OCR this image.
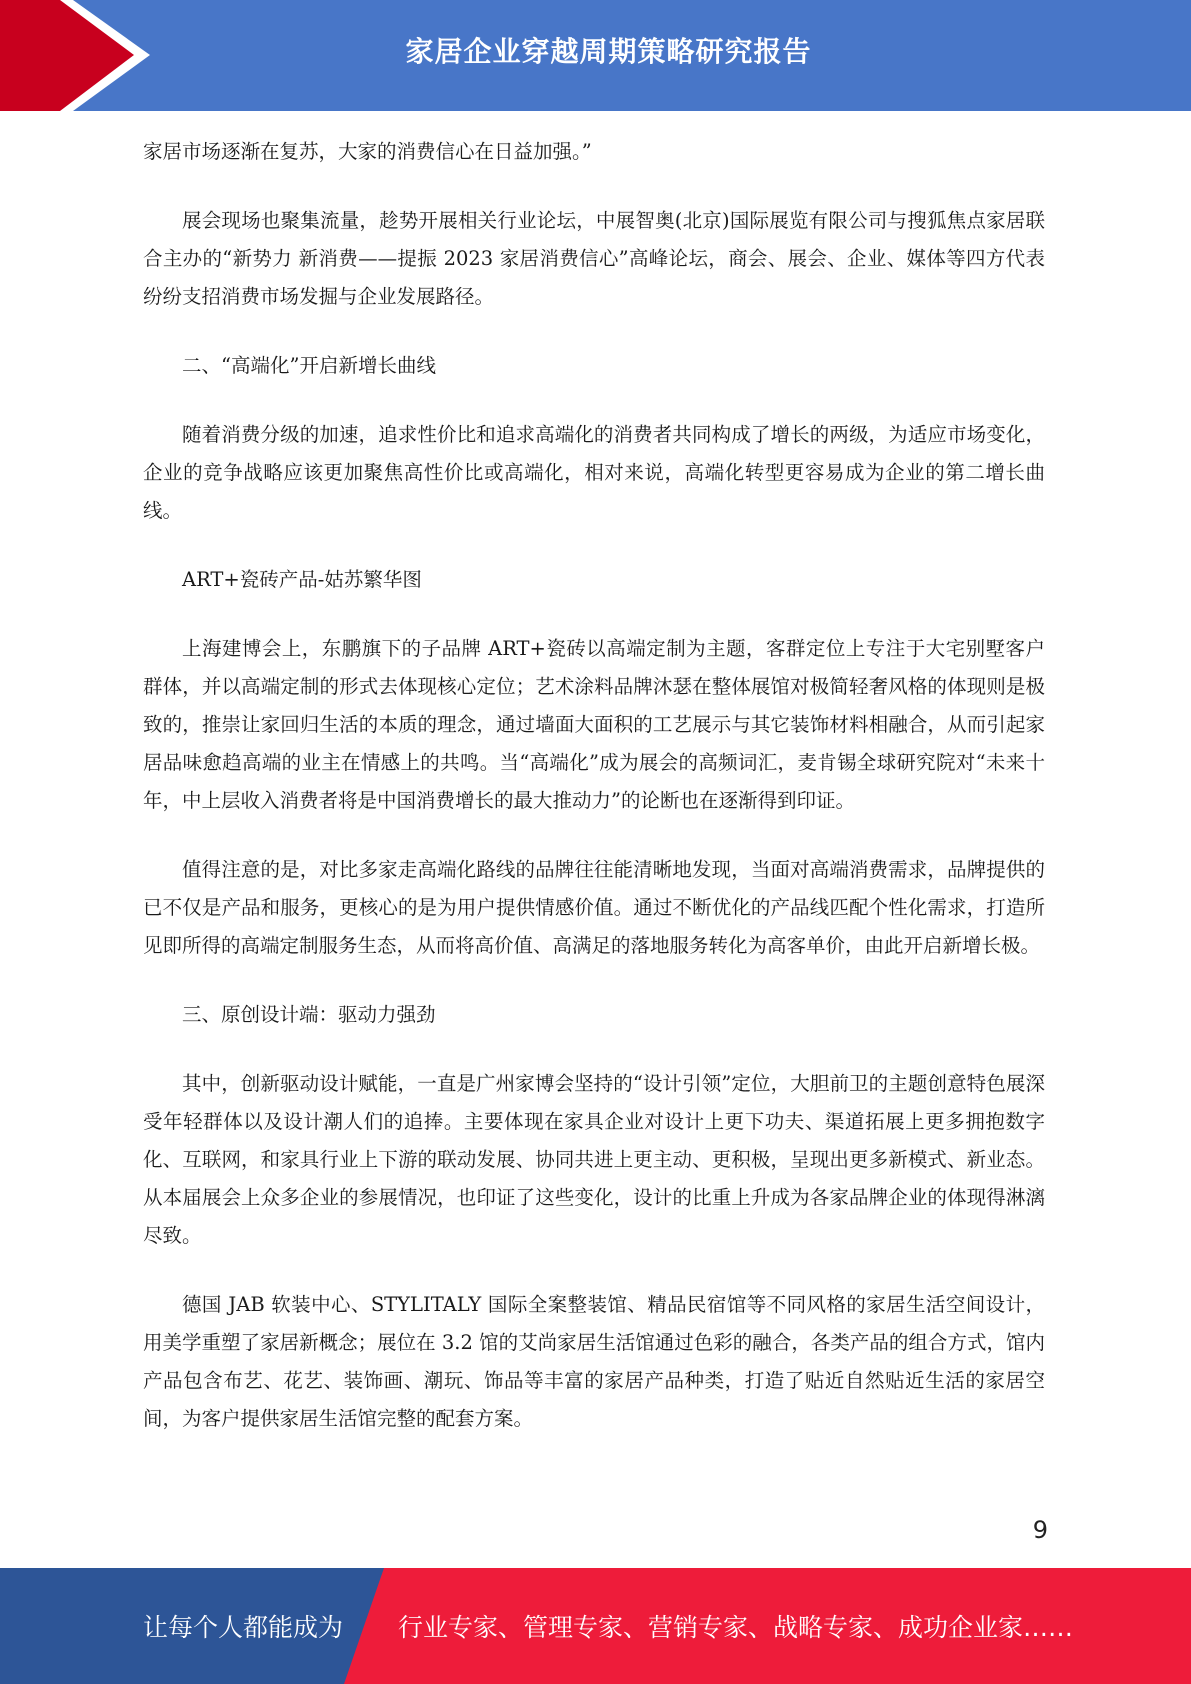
家居企业穿越周期策略研究报告

家居市场逐渐在复苏，大家的消费信心在日益加强。”

展会现场也聚集流量，趁势开展相关行业论坛，中展智奥(北京)国际展览有限公司与搜狐焦点家居联合主办的“新势力 新消费——提振 2023 家居消费信心”高峰论坛，商会、展会、企业、媒体等四方代表纷纷支招消费市场发掘与企业发展路径。

二、“高端化”开启新增长曲线

随着消费分级的加速，追求性价比和追求高端化的消费者共同构成了增长的两级，为适应市场变化，企业的竞争战略应该更加聚焦高性价比或高端化，相对来说，高端化转型更容易成为企业的第二增长曲线。

ART+瓷砖产品-姑苏繁华图

上海建博会上，东鹏旗下的子品牌 ART+瓷砖以高端定制为主题，客群定位上专注于大宅别墅客户群体，并以高端定制的形式去体现核心定位；艺术涂料品牌沐瑟在整体展馆对极简轻奢风格的体现则是极致的，推崇让家回归生活的本质的理念，通过墙面大面积的工艺展示与其它装饰材料相融合，从而引起家居品味愈趋高端的业主在情感上的共鸣。当“高端化”成为展会的高频词汇，麦肯锡全球研究院对“未来十年，中上层收入消费者将是中国消费增长的最大推动力”的论断也在逐渐得到印证。

值得注意的是，对比多家走高端化路线的品牌往往能清晰地发现，当面对高端消费需求，品牌提供的已不仅是产品和服务，更核心的是为用户提供情感价值。通过不断优化的产品线匹配个性化需求，打造所见即所得的高端定制服务生态，从而将高价值、高满足的落地服务转化为高客单价，由此开启新增长极。

三、原创设计端：驱动力强劲

其中，创新驱动设计赋能，一直是广州家博会坚持的“设计引领”定位，大胆前卫的主题创意特色展深受年轻群体以及设计潮人们的追捧。主要体现在家具企业对设计上更下功夫、渠道拓展上更多拥抱数字化、互联网，和家具行业上下游的联动发展、协同共进上更主动、更积极，呈现出更多新模式、新业态。从本届展会上众多企业的参展情况，也印证了这些变化，设计的比重上升成为各家品牌企业的体现得淋漓尽致。

德国 JAB 软装中心、STYLITALY 国际全案整装馆、精品民宿馆等不同风格的家居生活空间设计，用美学重塑了家居新概念；展位在 3.2 馆的艾尚家居生活馆通过色彩的融合，各类产品的组合方式，馆内产品包含布艺、花艺、装饰画、潮玩、饰品等丰富的家居产品种类，打造了贴近自然贴近生活的家居空间，为客户提供家居生活馆完整的配套方案。

9
让每个人都能成为 行业专家、管理专家、营销专家、战略专家、成功企业家……
